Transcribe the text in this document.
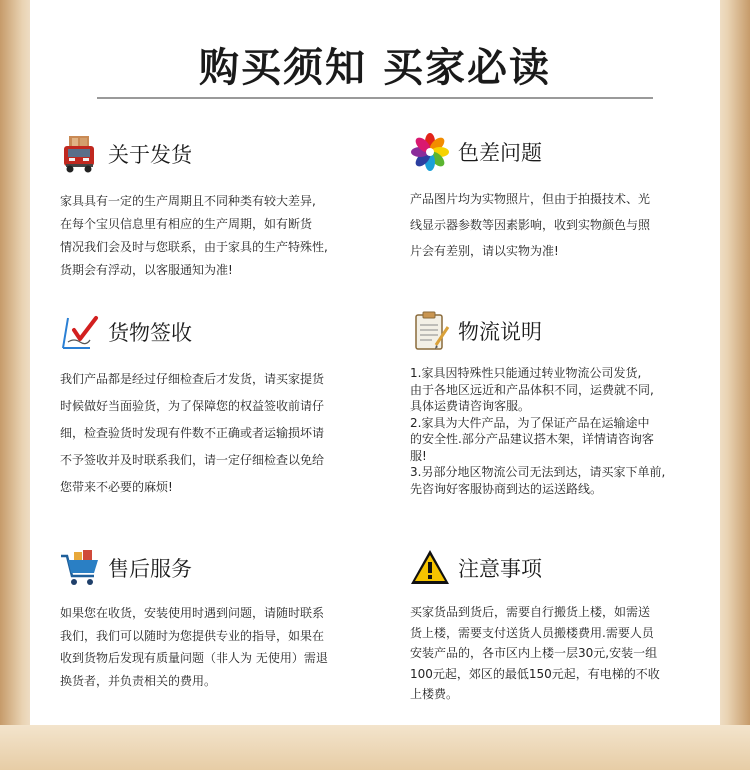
购买须知 买家必读
关于发货

家具具有一定的生产周期且不同种类有较大差异,

在每个宝贝信息里有相应的生产周期，如有断货

情况我们会及时与您联系，由于家具的生产特殊性,

货期会有浮动，以客服通知为准!

色差问题

产品图片均为实物照片，但由于拍摄技术、光

线显示器参数等因素影响，收到实物颜色与照

片会有差别，请以实物为准!

货物签收

我们产品都是经过仔细检查后才发货，请买家提货

时候做好当面验货，为了保障您的权益签收前请仔

细，检查验货时发现有件数不正确或者运输损坏请

不予签收并及时联系我们，请一定仔细检查以免给

您带来不必要的麻烦!

物流说明

1.家具因特殊性只能通过转业物流公司发货,

由于各地区远近和产品体积不同，运费就不同,

具体运费请咨询客服。

2.家具为大件产品，为了保证产品在运输途中

的安全性.部分产品建议搭木架，详情请咨询客

服!

3.另部分地区物流公司无法到达，请买家下单前,

先咨询好客服协商到达的运送路线。

售后服务

如果您在收货，安装使用时遇到问题，请随时联系

我们，我们可以随时为您提供专业的指导，如果在

收到货物后发现有质量问题（非人为 无使用）需退

换货者，并负责相关的费用。

注意事项

买家货品到货后，需要自行搬货上楼，如需送

货上楼，需要支付送货人员搬楼费用.需要人员

安装产品的，各市区内上楼一层30元,安装一组

100元起，郊区的最低150元起，有电梯的不收

上楼费。
